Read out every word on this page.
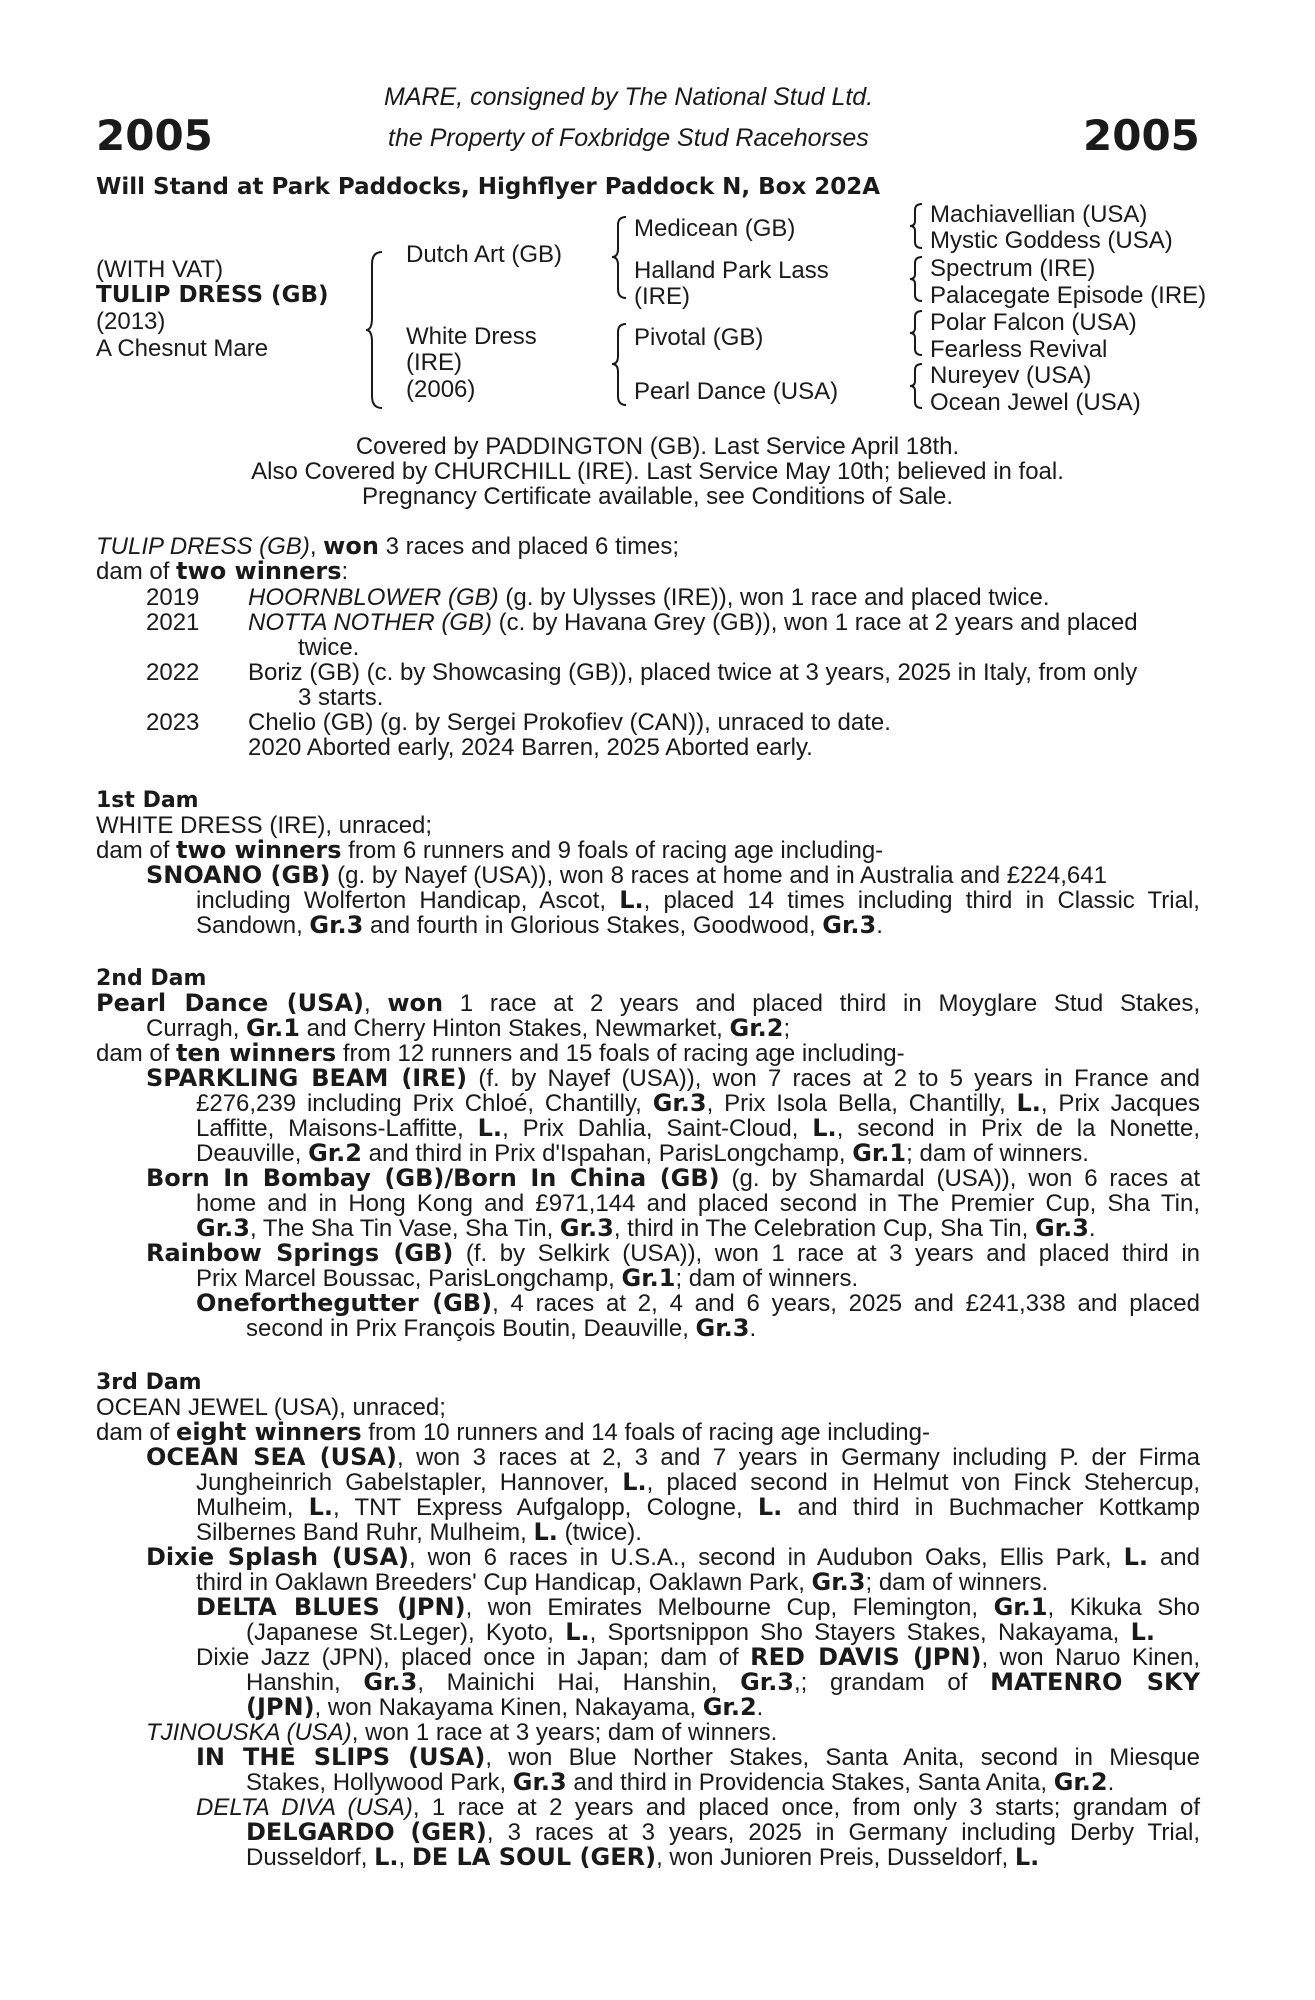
2005	2005
MARE, consigned by The National Stud Ltd.
the Property of Foxbridge Stud Racehorses
Will Stand at Park Paddocks, Highflyer Paddock N, Box 202A
(WITH VAT)
TULIP DRESS (GB)
(2013)
A Chesnut Mare
Dutch Art (GB)
White Dress
(IRE)
(2006)
Medicean (GB)
Halland Park Lass
(IRE)
Pivotal (GB)
Pearl Dance (USA)
Machiavellian (USA)
Mystic Goddess (USA)
Spectrum (IRE)
Palacegate Episode (IRE)
Polar Falcon (USA)
Fearless Revival
Nureyev (USA)
Ocean Jewel (USA)
Covered by PADDINGTON (GB). Last Service April 18th.
Also Covered by CHURCHILL (IRE). Last Service May 10th; believed in foal.
Pregnancy Certificate available, see Conditions of Sale.
TULIP DRESS (GB), won 3 races and placed 6 times;
dam of two winners:
2019 HOORNBLOWER (GB) (g. by Ulysses (IRE)), won 1 race and placed twice.
2021 NOTTA NOTHER (GB) (c. by Havana Grey (GB)), won 1 race at 2 years and placed
twice.
2022 Boriz (GB) (c. by Showcasing (GB)), placed twice at 3 years, 2025 in Italy, from only
3 starts.
2023 Chelio (GB) (g. by Sergei Prokofiev (CAN)), unraced to date.
2020 Aborted early, 2024 Barren, 2025 Aborted early.
1st Dam
WHITE DRESS (IRE), unraced;
dam of two winners from 6 runners and 9 foals of racing age including-
SNOANO (GB) (g. by Nayef (USA)), won 8 races at home and in Australia and £224,641
including Wolferton Handicap, Ascot, L., placed 14 times including third in Classic Trial,
Sandown, Gr.3 and fourth in Glorious Stakes, Goodwood, Gr.3.
2nd Dam
Pearl Dance (USA), won 1 race at 2 years and placed third in Moyglare Stud Stakes,
Curragh, Gr.1 and Cherry Hinton Stakes, Newmarket, Gr.2;
dam of ten winners from 12 runners and 15 foals of racing age including-
SPARKLING BEAM (IRE) (f. by Nayef (USA)), won 7 races at 2 to 5 years in France and
£276,239 including Prix Chloé, Chantilly, Gr.3, Prix Isola Bella, Chantilly, L., Prix Jacques
Laffitte, Maisons-Laffitte, L., Prix Dahlia, Saint-Cloud, L., second in Prix de la Nonette,
Deauville, Gr.2 and third in Prix d'Ispahan, ParisLongchamp, Gr.1; dam of winners.
Born In Bombay (GB)/Born In China (GB) (g. by Shamardal (USA)), won 6 races at
home and in Hong Kong and £971,144 and placed second in The Premier Cup, Sha Tin,
Gr.3, The Sha Tin Vase, Sha Tin, Gr.3, third in The Celebration Cup, Sha Tin, Gr.3.
Rainbow Springs (GB) (f. by Selkirk (USA)), won 1 race at 3 years and placed third in
Prix Marcel Boussac, ParisLongchamp, Gr.1; dam of winners.
Oneforthegutter (GB), 4 races at 2, 4 and 6 years, 2025 and £241,338 and placed
second in Prix François Boutin, Deauville, Gr.3.
3rd Dam
OCEAN JEWEL (USA), unraced;
dam of eight winners from 10 runners and 14 foals of racing age including-
OCEAN SEA (USA), won 3 races at 2, 3 and 7 years in Germany including P. der Firma
Jungheinrich Gabelstapler, Hannover, L., placed second in Helmut von Finck Stehercup,
Mulheim, L., TNT Express Aufgalopp, Cologne, L. and third in Buchmacher Kottkamp
Silbernes Band Ruhr, Mulheim, L. (twice).
Dixie Splash (USA), won 6 races in U.S.A., second in Audubon Oaks, Ellis Park, L. and
third in Oaklawn Breeders' Cup Handicap, Oaklawn Park, Gr.3; dam of winners.
DELTA BLUES (JPN), won Emirates Melbourne Cup, Flemington, Gr.1, Kikuka Sho
(Japanese St.Leger), Kyoto, L., Sportsnippon Sho Stayers Stakes, Nakayama, L.
Dixie Jazz (JPN), placed once in Japan; dam of RED DAVIS (JPN), won Naruo Kinen,
Hanshin, Gr.3, Mainichi Hai, Hanshin, Gr.3,; grandam of MATENRO SKY
(JPN), won Nakayama Kinen, Nakayama, Gr.2.
TJINOUSKA (USA), won 1 race at 3 years; dam of winners.
IN THE SLIPS (USA), won Blue Norther Stakes, Santa Anita, second in Miesque
Stakes, Hollywood Park, Gr.3 and third in Providencia Stakes, Santa Anita, Gr.2.
DELTA DIVA (USA), 1 race at 2 years and placed once, from only 3 starts; grandam of
DELGARDO (GER), 3 races at 3 years, 2025 in Germany including Derby Trial,
Dusseldorf, L., DE LA SOUL (GER), won Junioren Preis, Dusseldorf, L.
